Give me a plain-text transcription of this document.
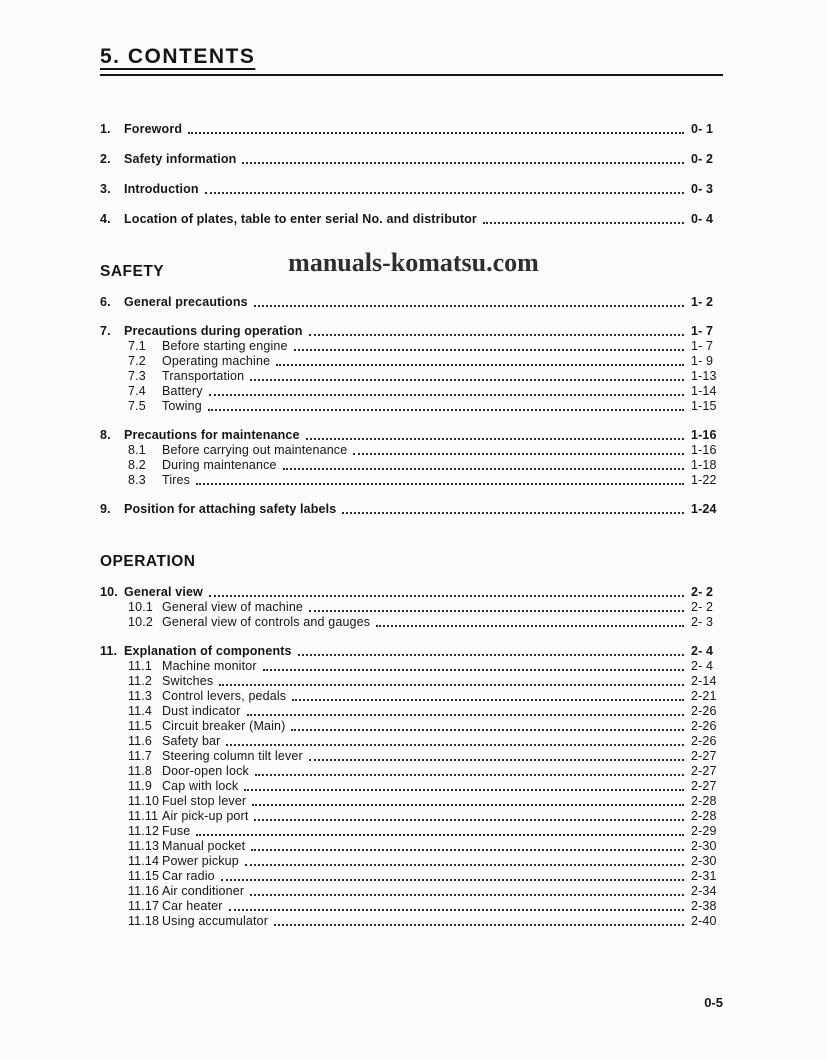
5. CONTENTS
1.	Foreword	0- 1
2.	Safety information	0- 2
3.	Introduction	0- 3
4.	Location of plates, table to enter serial No. and distributor	0- 4
SAFETY
6.	General precautions	1- 2
7.	Precautions during operation	1- 7
7.1	Before starting engine	1- 7
7.2	Operating machine	1- 9
7.3	Transportation	1-13
7.4	Battery	1-14
7.5	Towing	1-15
8.	Precautions for maintenance	1-16
8.1	Before carrying out maintenance	1-16
8.2	During maintenance	1-18
8.3	Tires	1-22
9.	Position for attaching safety labels	1-24
OPERATION
10. General view	2- 2
10.1 General view of machine	2- 2
10.2 General view of controls and gauges	2- 3
11. Explanation of components	2- 4
11.1 Machine monitor	2- 4
11.2 Switches	2-14
11.3 Control levers, pedals	2-21
11.4 Dust indicator	2-26
11.5 Circuit breaker (Main)	2-26
11.6 Safety bar	2-26
11.7 Steering column tilt lever	2-27
11.8 Door-open lock	2-27
11.9 Cap with lock	2-27
11.10 Fuel stop lever	2-28
11.11 Air pick-up port	2-28
11.12 Fuse	2-29
11.13 Manual pocket	2-30
11.14 Power pickup	2-30
11.15 Car radio	2-31
11.16 Air conditioner	2-34
11.17 Car heater	2-38
11.18 Using accumulator	2-40
manuals-komatsu.com
0-5
